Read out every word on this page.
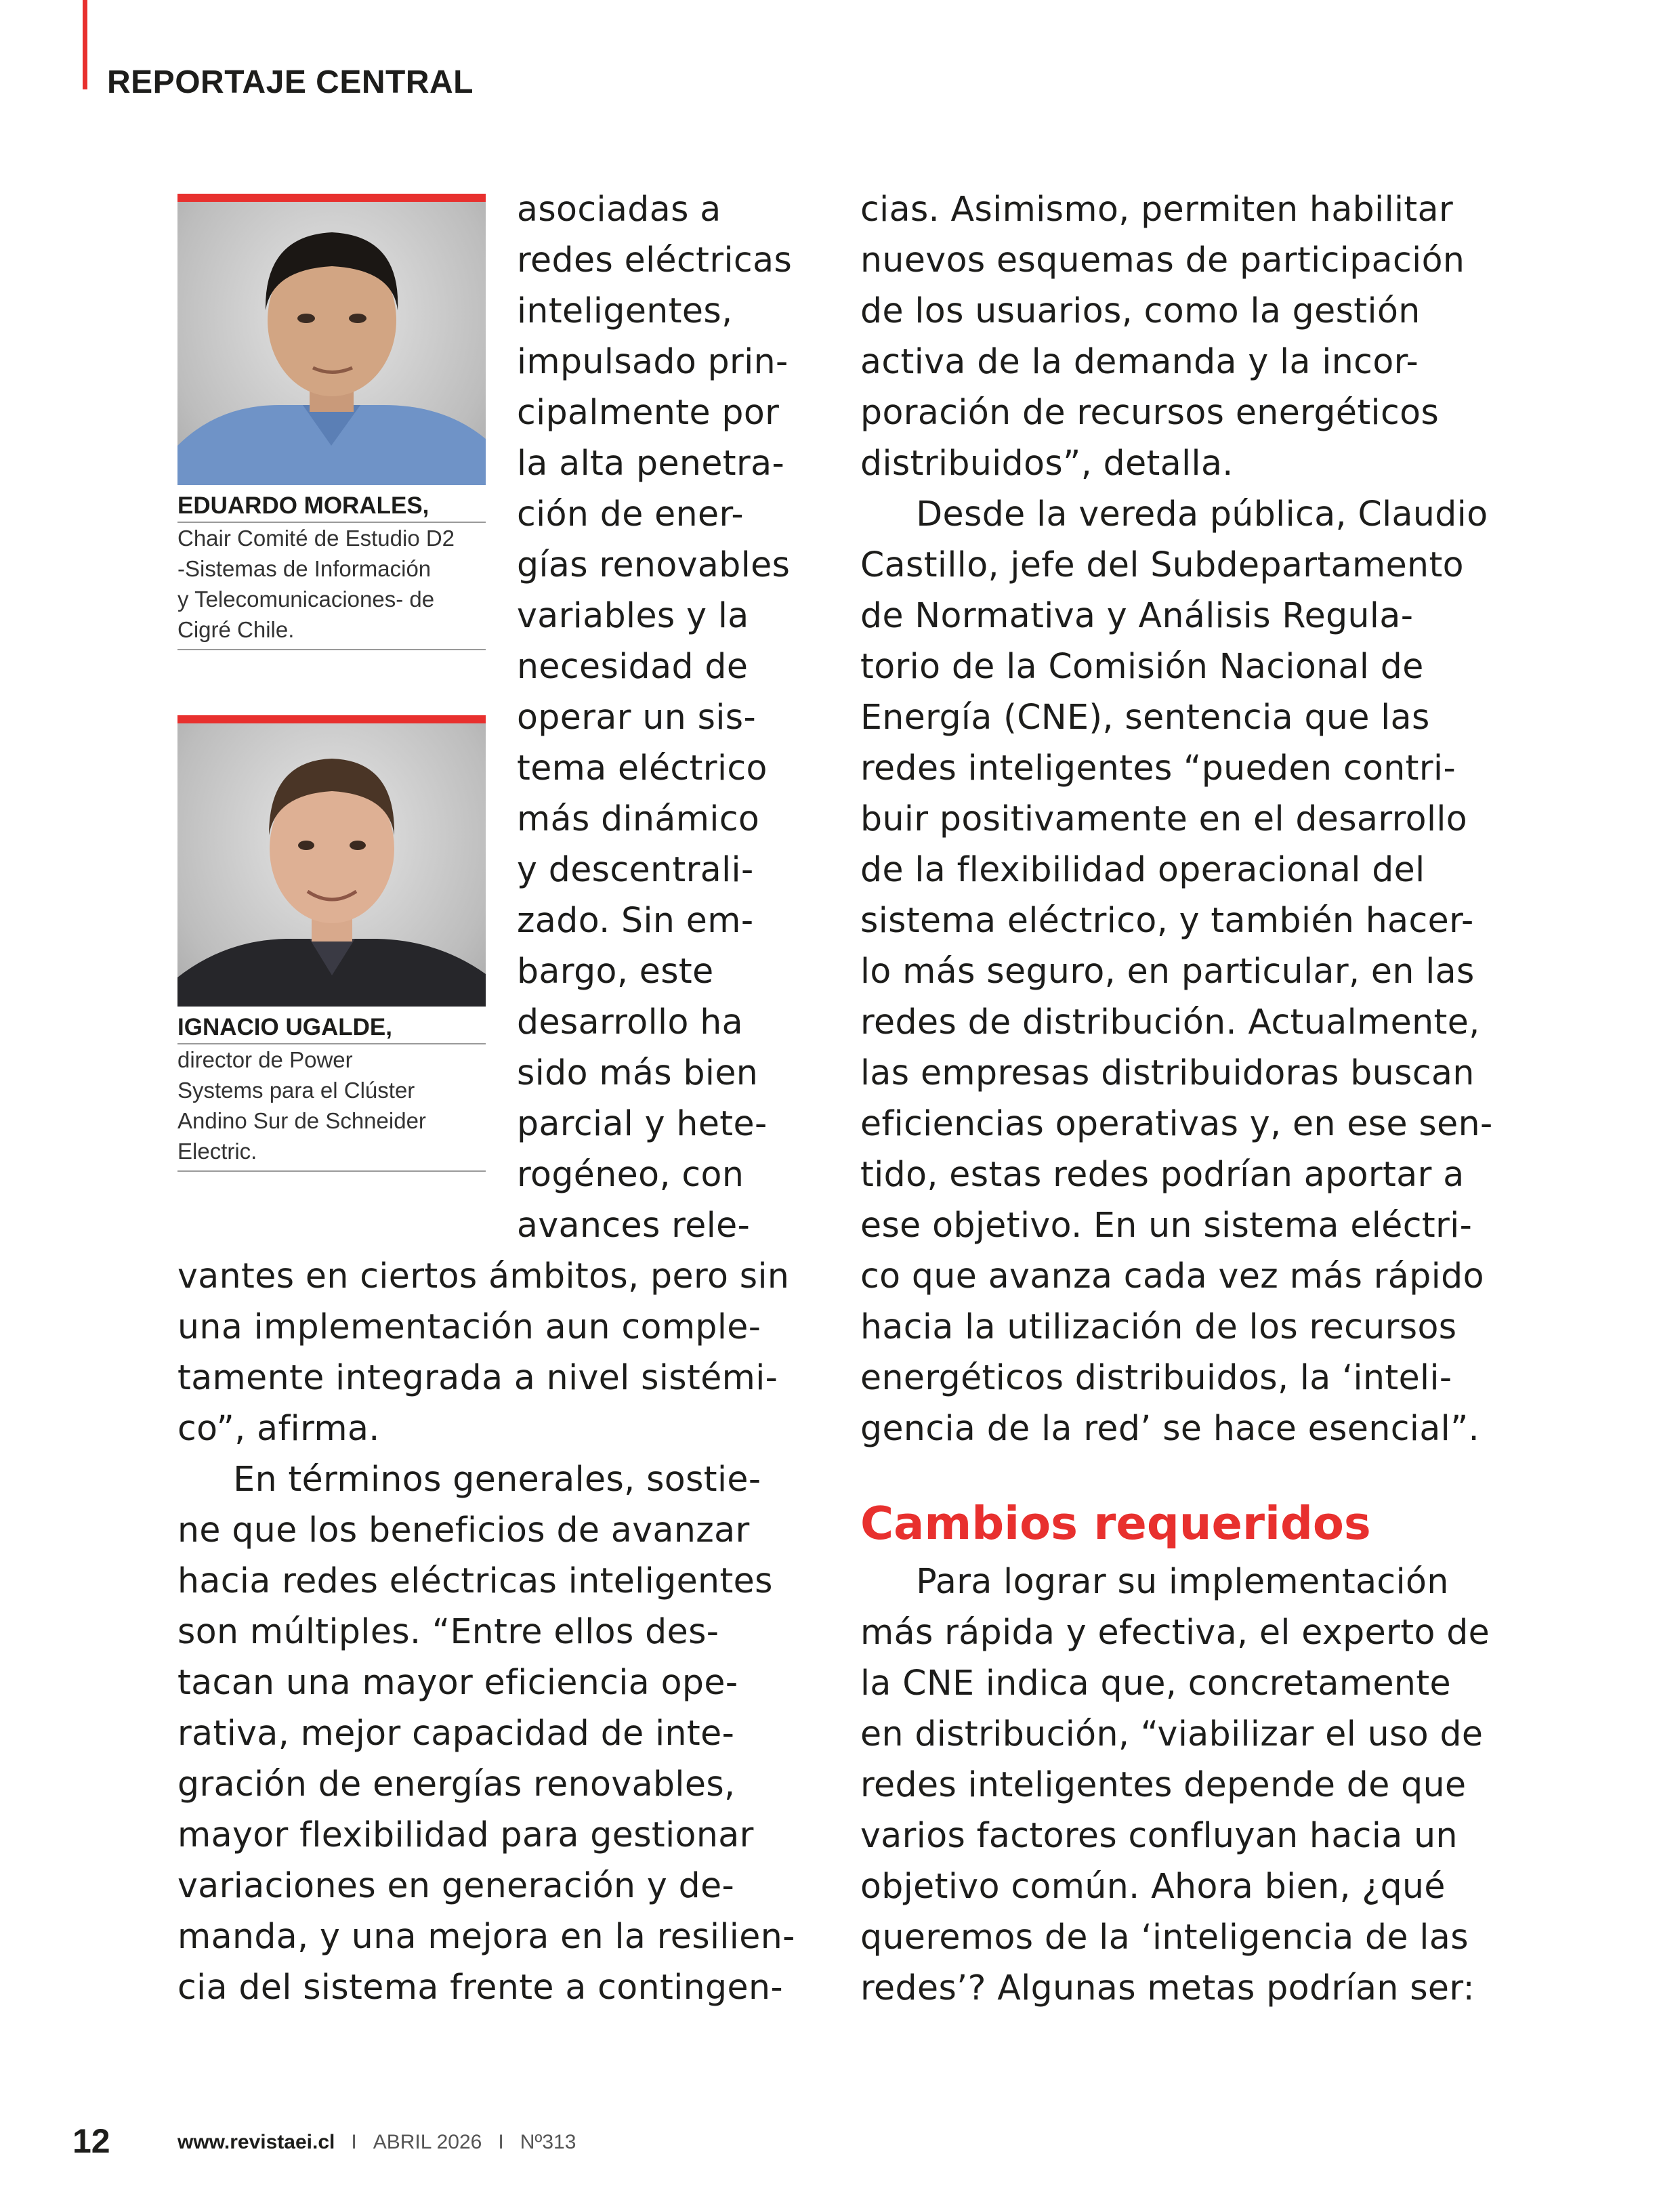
REPORTAJE CENTRAL
EDUARDO MORALES,
Chair Comité de Estudio D2
-Sistemas de Información
y Telecomunicaciones- de
Cigré Chile.
IGNACIO UGALDE,
director de Power
Systems para el Clúster
Andino Sur de Schneider
Electric.
asociadas a
redes eléctricas
inteligentes,
impulsado prin-
cipalmente por
la alta penetra-
ción de ener-
gías renovables
variables y la
necesidad de
operar un sis-
tema eléctrico
más dinámico
y descentrali-
zado. Sin em-
bargo, este
desarrollo ha
sido más bien
parcial y hete-
rogéneo, con
avances rele-
vantes en ciertos ámbitos, pero sin
una implementación aun comple-
tamente integrada a nivel sistémi-
co”, afirma.
En términos generales, sostie-
ne que los beneficios de avanzar
hacia redes eléctricas inteligentes
son múltiples. “Entre ellos des-
tacan una mayor eficiencia ope-
rativa, mejor capacidad de inte-
gración de energías renovables,
mayor flexibilidad para gestionar
variaciones en generación y de-
manda, y una mejora en la resilien-
cia del sistema frente a contingen-
cias. Asimismo, permiten habilitar
nuevos esquemas de participación
de los usuarios, como la gestión
activa de la demanda y la incor-
poración de recursos energéticos
distribuidos”, detalla.
Desde la vereda pública, Claudio
Castillo, jefe del Subdepartamento
de Normativa y Análisis Regula-
torio de la Comisión Nacional de
Energía (CNE), sentencia que las
redes inteligentes “pueden contri-
buir positivamente en el desarrollo
de la flexibilidad operacional del
sistema eléctrico, y también hacer-
lo más seguro, en particular, en las
redes de distribución. Actualmente,
las empresas distribuidoras buscan
eficiencias operativas y, en ese sen-
tido, estas redes podrían aportar a
ese objetivo. En un sistema eléctri-
co que avanza cada vez más rápido
hacia la utilización de los recursos
energéticos distribuidos, la ‘inteli-
gencia de la red’ se hace esencial”.
Cambios requeridos
Para lograr su implementación
más rápida y efectiva, el experto de
la CNE indica que, concretamente
en distribución, “viabilizar el uso de
redes inteligentes depende de que
varios factores confluyan hacia un
objetivo común. Ahora bien, ¿qué
queremos de la ‘inteligencia de las
redes’? Algunas metas podrían ser:
12	www.revistaei.cl I ABRIL 2026 I Nº313
